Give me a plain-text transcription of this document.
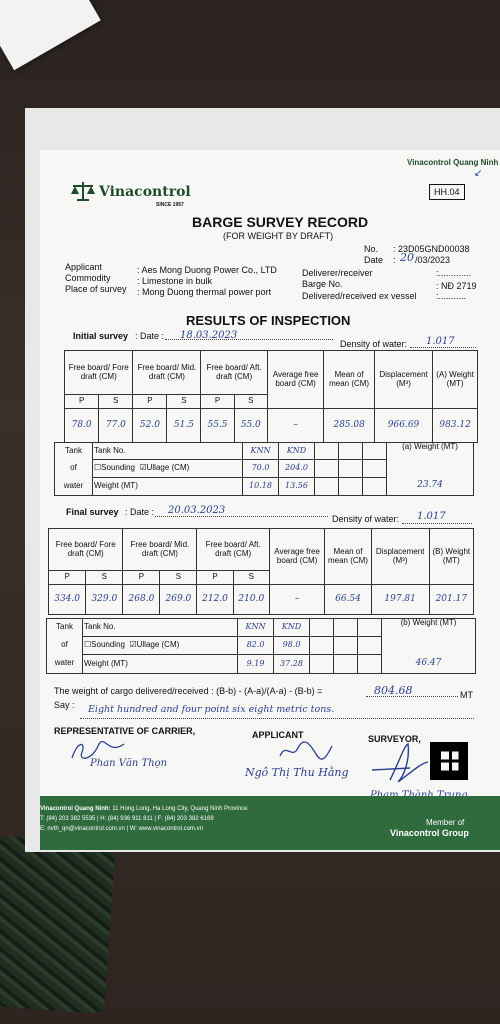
Vinacontrol Quang Ninh
↙
Vinacontrol
SINCE 1957
HH.04
BARGE SURVEY RECORD
(FOR WEIGHT BY DRAFT)
No. : 23D05GND00038
Date : 20 /03/2023
Applicant	: Aes Mong Duong Power Co., LTD
Commodity	: Limestone in bulk
Place of survey : Mong Duong thermal power port
Deliverer/receiver	:.............
Barge No.	: NĐ 2719
Delivered/received ex vessel :...........
RESULTS OF INSPECTION
Initial survey : Date : 18.03.2023
Density of water: 1.017
Free board/ Fore draft (CM)		Free board/ Mid. draft (CM)		Free board/ Aft. draft (CM)		Average free board (CM)	Mean of mean (CM)	Displacement (M³)	(A) Weight (MT)
P	S	P	S	P	S				
78.0	77.0	52.0	51.5	55.5	55.0	–	285.08	966.69	983.12
Tank	Tank No.	KNN	KND				(a) Weight (MT)
of	☐Sounding ☑Ullage (CM)	70.0	204.0				
water	Weight (MT)	10.18	13.56				23.74
Final survey : Date : 20.03.2023
Density of water: 1.017
Free board/ Fore draft (CM)		Free board/ Mid. draft (CM)		Free board/ Aft. draft (CM)		Average free board (CM)	Mean of mean (CM)	Displacement (M³)	(B) Weight (MT)
P	S	P	S	P	S				
334.0	329.0	268.0	269.0	212.0	210.0	–	66.54	197.81	201.17
Tank	Tank No.	KNN	KND				(b) Weight (MT)
of	☐Sounding ☑Ullage (CM)	82.0	98.0				
water	Weight (MT)	9.19	37.28				46.47
The weight of cargo delivered/received : (B-b) - (A-a)/(A-a) - (B-b) =	804.68	MT
Say : Eight hundred and four point six eight metric tons.
REPRESENTATIVE OF CARRIER,	APPLICANT	SURVEYOR,
Phan Văn Thọn
Ngô Thị Thu Hằng
Vinacontrol Quang Ninh: 11 Hong Long, Ha Long City, Quang Ninh Province
T: (84) 203 382 5535 | H: (84) 936 911 811 | F: (84) 203 382 6169
E: nvth_qn@vinacontrol.com.vn | W: www.vinacontrol.com.vn
Member of
Vinacontrol Group
